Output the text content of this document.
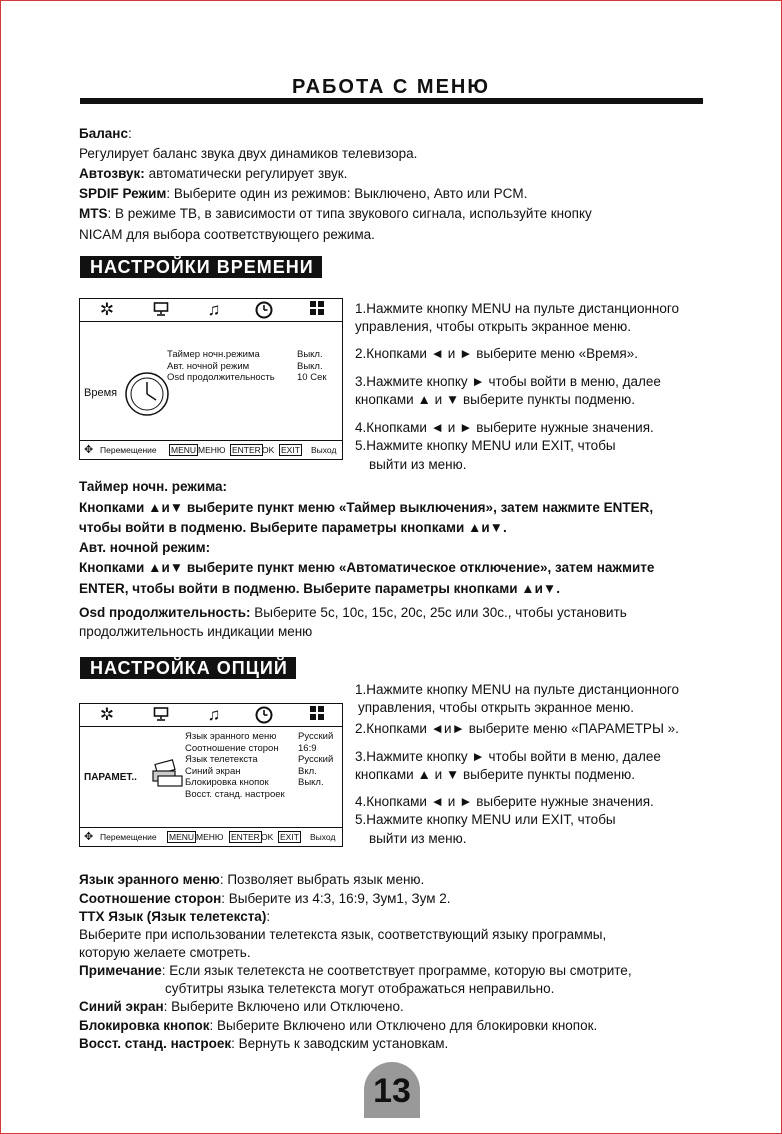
РАБОТА С МЕНЮ
Баланс:
Регулирует баланс звука двух динамиков телевизора.
Автозвук: автоматически регулирует звук.
SPDIF Режим: Выберите один из режимов: Выключено, Авто или PCM.
MTS: В режиме ТВ, в зависимости от типа звукового сигнала, используйте кнопку
NICAM для выбора соответствующего режима.
НАСТРОЙКИ ВРЕМЕНИ
✲	♫
Таймер ночн.режима
Авт. ночной режим
Osd продолжительность
Выкл.
Выкл.
10 Сек
Время
✥ Перемещение MENU МЕНЮ ENTER OK EXIT Выход
1.Нажмите кнопку MENU на пульте дистанционного
управления, чтобы открыть экранное меню.
2.Кнопками ◄ и ► выберите меню «Время».
3.Нажмите кнопку ► чтобы войти в меню, далее
кнопками ▲ и ▼ выберите пункты подменю.
4.Кнопками ◄ и ► выберите нужные значения.
5.Нажмите кнопку MENU или EXIT, чтобы
выйти из меню.
Таймер ночн. режима:
Кнопками ▲и▼ выберите пункт меню «Таймер выключения», затем нажмите ENTER,
чтобы войти в подменю. Выберите параметры кнопками ▲и▼.
Авт. ночной режим:
Кнопками ▲и▼ выберите пункт меню «Автоматическое отключение», затем нажмите
ENTER, чтобы войти в подменю. Выберите параметры кнопками ▲и▼.
Osd продолжительность: Выберите 5с, 10с, 15с, 20с, 25с или 30с., чтобы установить
продолжительность индикации меню
НАСТРОЙКА ОПЦИЙ
✲	♫
Язык эранного меню
Соотношение сторон
Язык телетекста
Синий экран
Блокировка кнопок
Восст. станд. настроек
Русский
16:9
Русский
Вкл.
Выкл.
ПАРАМЕТ..
✥ Перемещение MENU МЕНЮ ENTER OK EXIT Выход
1.Нажмите кнопку MENU на пульте дистанционного
управления, чтобы открыть экранное меню.
2.Кнопками ◄и► выберите меню «ПАРАМЕТРЫ ».
3.Нажмите кнопку ► чтобы войти в меню, далее
кнопками ▲ и ▼ выберите пункты подменю.
4.Кнопками ◄ и ► выберите нужные значения.
5.Нажмите кнопку MENU или EXIT, чтобы
выйти из меню.
Язык эранного меню: Позволяет выбрать язык меню.
Соотношение сторон: Выберите из 4:3, 16:9, Зум1, Зум 2.
TTX Язык (Язык телетекста):
Выберите при использовании телетекста язык, соответствующий языку программы,
которую желаете смотреть.
Примечание: Если язык телетекста не соответствует программе, которую вы смотрите,
субтитры языка телетекста могут отображаться неправильно.
Синий экран: Выберите Включено или Отключено.
Блокировка кнопок: Выберите Включено или Отключено для блокировки кнопок.
Восст. станд. настроек: Вернуть к заводским установкам.
13
